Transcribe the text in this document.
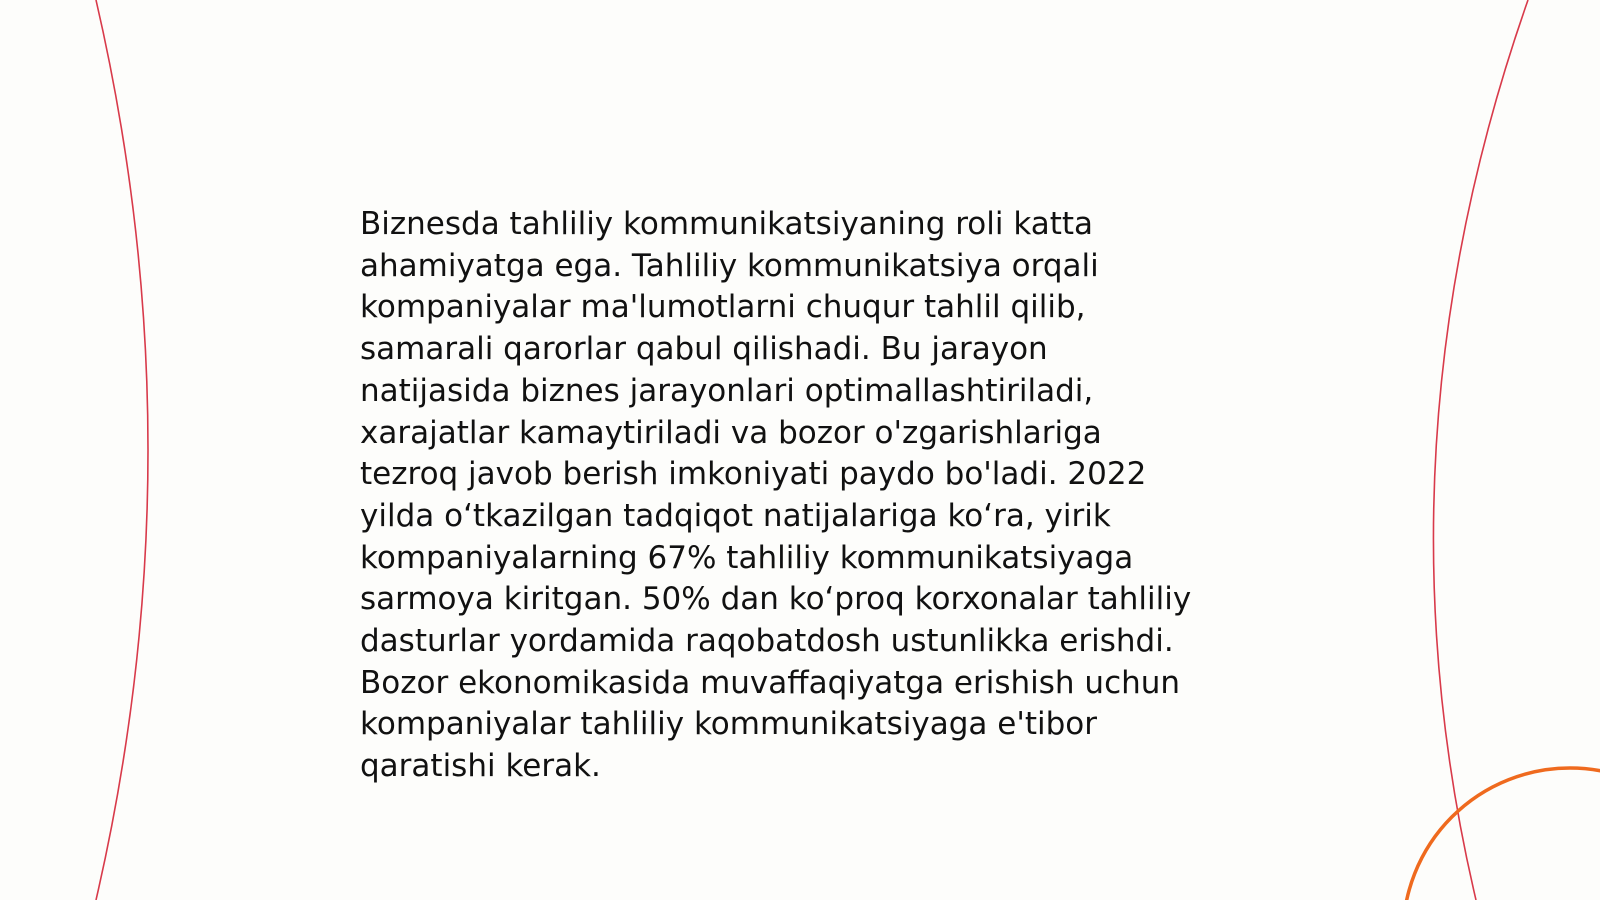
Biznesda tahliliy kommunikatsiyaning roli katta
ahamiyatga ega. Tahliliy kommunikatsiya orqali
kompaniyalar ma'lumotlarni chuqur tahlil qilib,
samarali qarorlar qabul qilishadi. Bu jarayon
natijasida biznes jarayonlari optimallashtiriladi,
xarajatlar kamaytiriladi va bozor o'zgarishlariga
tezroq javob berish imkoniyati paydo bo'ladi. 2022
yilda oʻtkazilgan tadqiqot natijalariga koʻra, yirik
kompaniyalarning 67% tahliliy kommunikatsiyaga
sarmoya kiritgan. 50% dan koʻproq korxonalar tahliliy
dasturlar yordamida raqobatdosh ustunlikka erishdi.
Bozor ekonomikasida muvaffaqiyatga erishish uchun
kompaniyalar tahliliy kommunikatsiyaga e'tibor
qaratishi kerak.
